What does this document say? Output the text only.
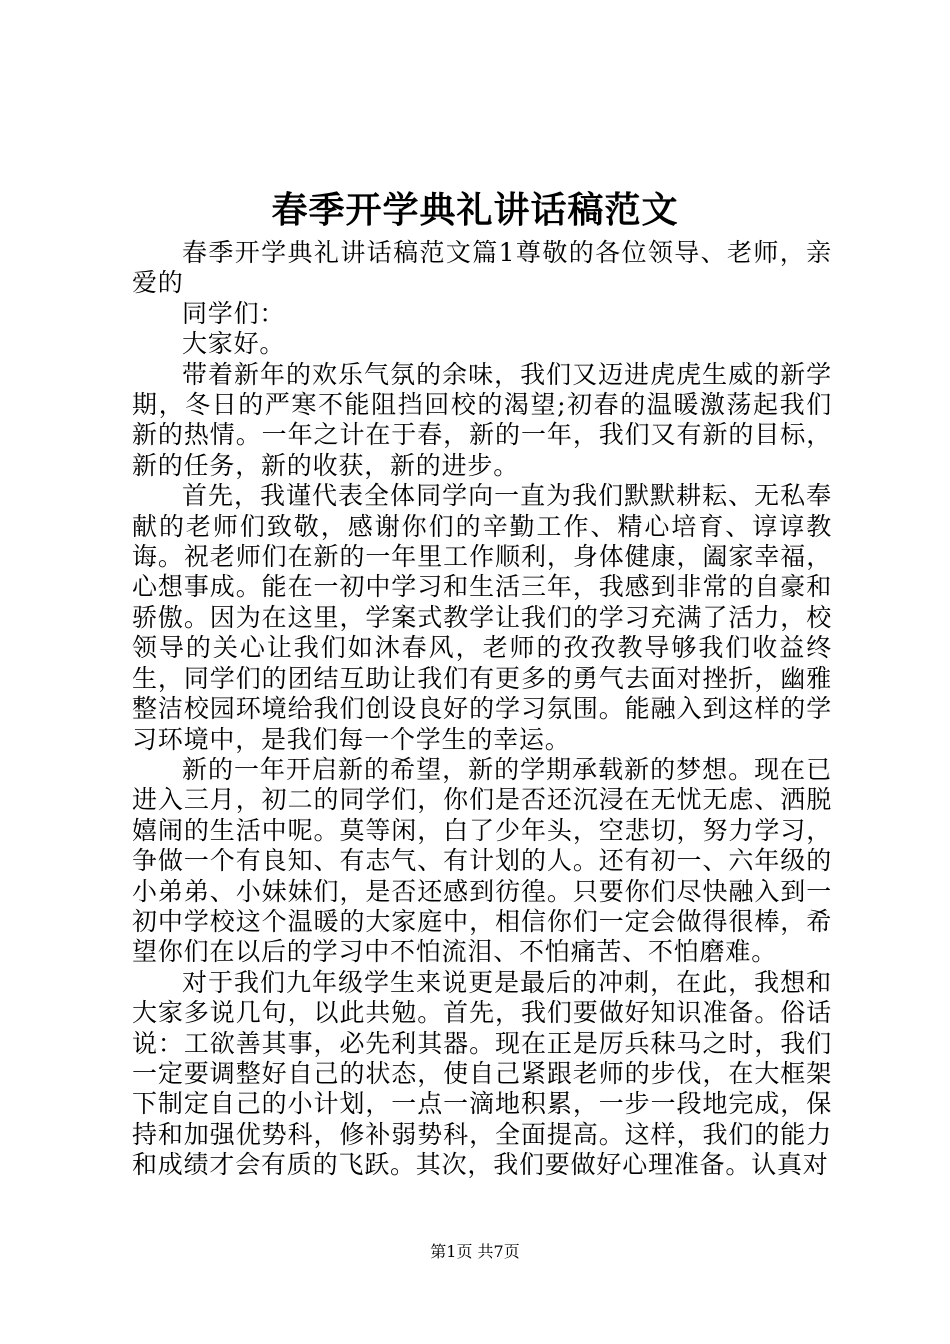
春季开学典礼讲话稿范文

春季开学典礼讲话稿范文篇1尊敬的各位领导、老师，亲爱的

同学们：

大家好。

带着新年的欢乐气氛的余味，我们又迈进虎虎生威的新学期，冬日的严寒不能阻挡回校的渴望;初春的温暖激荡起我们新的热情。一年之计在于春，新的一年，我们又有新的目标，新的任务，新的收获，新的进步。

首先，我谨代表全体同学向一直为我们默默耕耘、无私奉献的老师们致敬，感谢你们的辛勤工作、精心培育、谆谆教诲。祝老师们在新的一年里工作顺利，身体健康，阖家幸福，心想事成。能在一初中学习和生活三年，我感到非常的自豪和骄傲。因为在这里，学案式教学让我们的学习充满了活力，校领导的关心让我们如沐春风，老师的孜孜教导够我们收益终生，同学们的团结互助让我们有更多的勇气去面对挫折，幽雅整洁校园环境给我们创设良好的学习氛围。能融入到这样的学习环境中，是我们每一个学生的幸运。

新的一年开启新的希望，新的学期承载新的梦想。现在已进入三月，初二的同学们，你们是否还沉浸在无忧无虑、洒脱嬉闹的生活中呢。莫等闲，白了少年头，空悲切，努力学习，争做一个有良知、有志气、有计划的人。还有初一、六年级的小弟弟、小妹妹们，是否还感到彷徨。只要你们尽快融入到一初中学校这个温暖的大家庭中，相信你们一定会做得很棒，希望你们在以后的学习中不怕流泪、不怕痛苦、不怕磨难。

对于我们九年级学生来说更是最后的冲刺，在此，我想和大家多说几句，以此共勉。首先，我们要做好知识准备。俗话说：工欲善其事，必先利其器。现在正是厉兵秣马之时，我们一定要调整好自己的状态，使自己紧跟老师的步伐，在大框架下制定自己的小计划，一点一滴地积累，一步一段地完成，保持和加强优势科，修补弱势科，全面提高。这样，我们的能力和成绩才会有质的飞跃。其次，我们要做好心理准备。认真对

第1页 共7页
